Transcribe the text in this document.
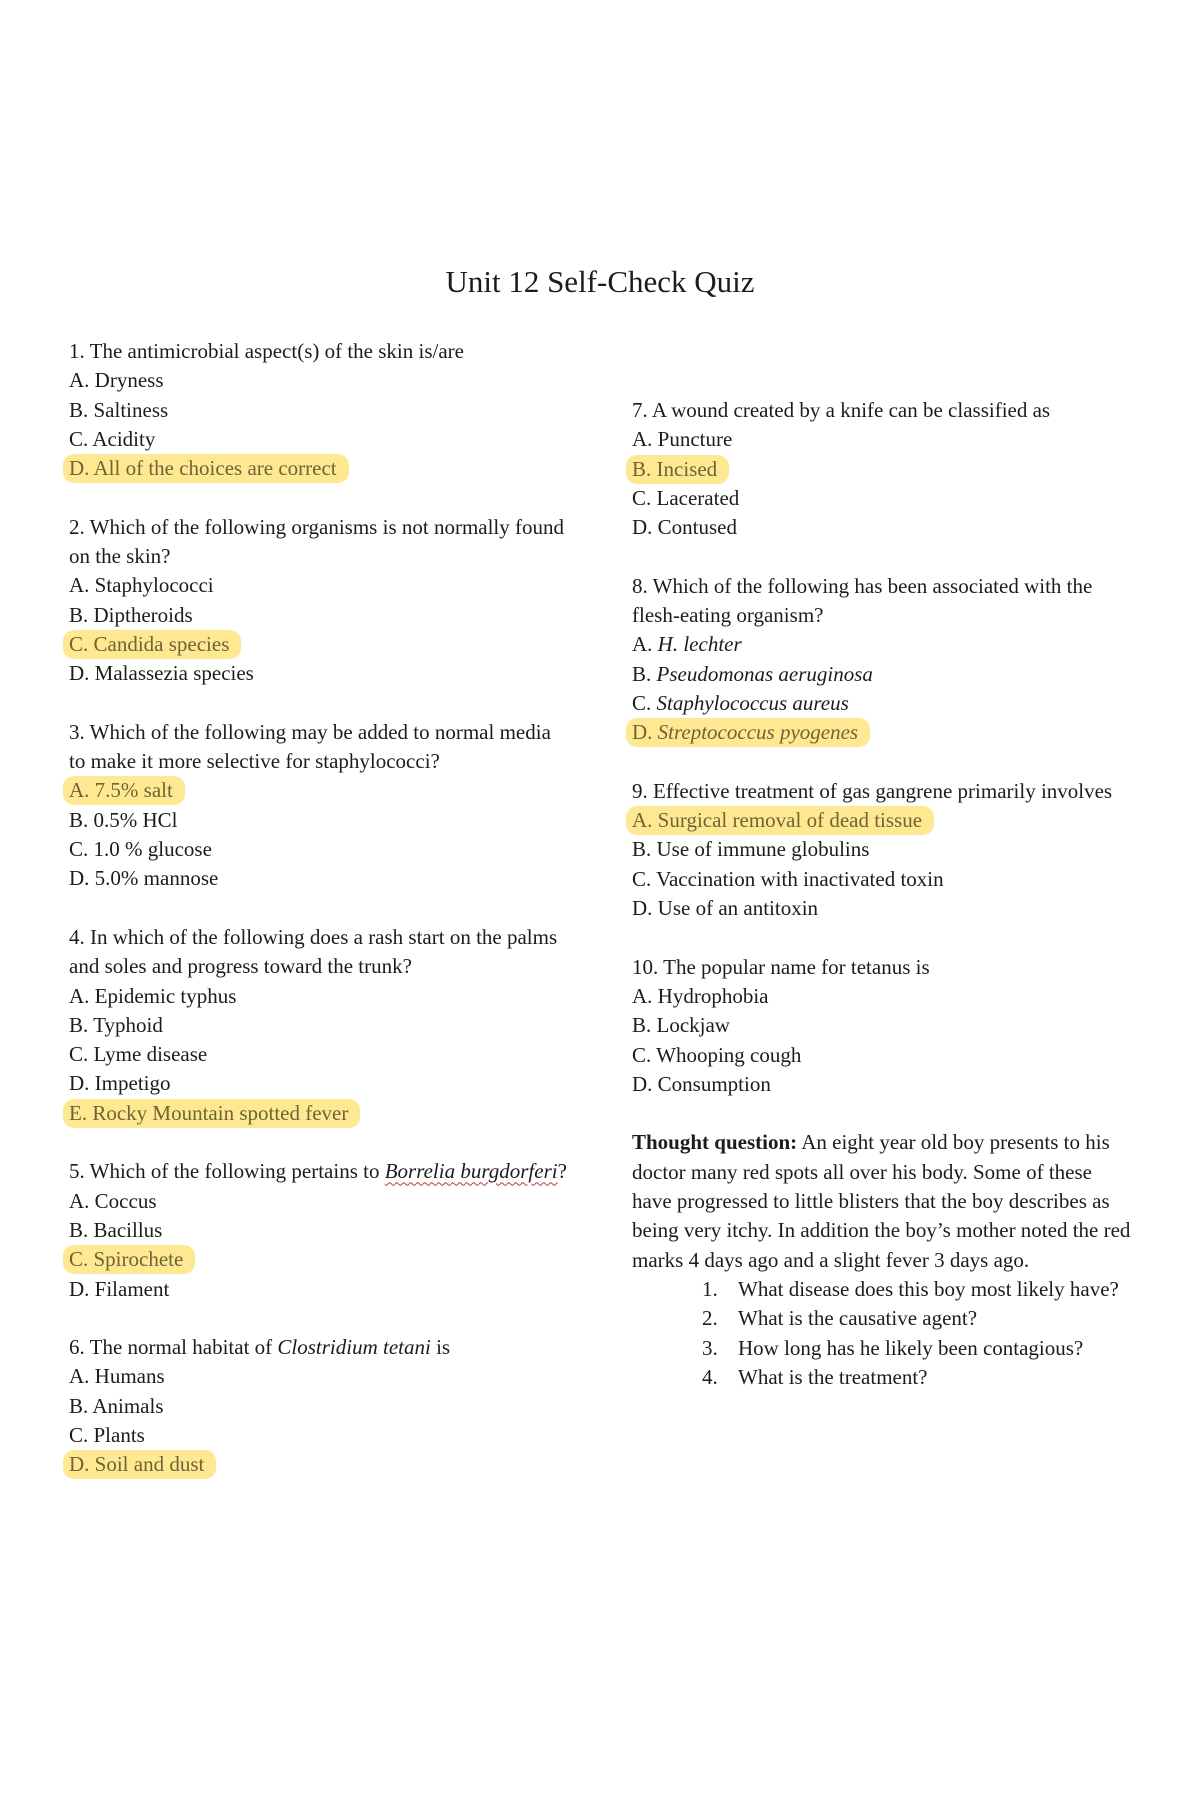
Unit 12 Self-Check Quiz
1. The antimicrobial aspect(s) of the skin is/are
A. Dryness
B. Saltiness
C. Acidity
D. All of the choices are correct
2. Which of the following organisms is not normally found on the skin?
A. Staphylococci
B. Diptheroids
C. Candida species
D. Malassezia species
3. Which of the following may be added to normal media to make it more selective for staphylococci?
A. 7.5% salt
B. 0.5% HCl
C. 1.0 % glucose
D. 5.0% mannose
4. In which of the following does a rash start on the palms and soles and progress toward the trunk?
A. Epidemic typhus
B. Typhoid
C. Lyme disease
D. Impetigo
E. Rocky Mountain spotted fever
5. Which of the following pertains to Borrelia burgdorferi?
A. Coccus
B. Bacillus
C. Spirochete
D. Filament
6. The normal habitat of Clostridium tetani is
A. Humans
B. Animals
C. Plants
D. Soil and dust
7. A wound created by a knife can be classified as
A. Puncture
B. Incised
C. Lacerated
D. Contused
8. Which of the following has been associated with the flesh-eating organism?
A. H. lechter
B. Pseudomonas aeruginosa
C. Staphylococcus aureus
D. Streptococcus pyogenes
9. Effective treatment of gas gangrene primarily involves
A. Surgical removal of dead tissue
B. Use of immune globulins
C. Vaccination with inactivated toxin
D. Use of an antitoxin
10. The popular name for tetanus is
A. Hydrophobia
B. Lockjaw
C. Whooping cough
D. Consumption
Thought question: An eight year old boy presents to his doctor many red spots all over his body. Some of these have progressed to little blisters that the boy describes as being very itchy. In addition the boy’s mother noted the red marks 4 days ago and a slight fever 3 days ago.
1. What disease does this boy most likely have?
2. What is the causative agent?
3. How long has he likely been contagious?
4. What is the treatment?
